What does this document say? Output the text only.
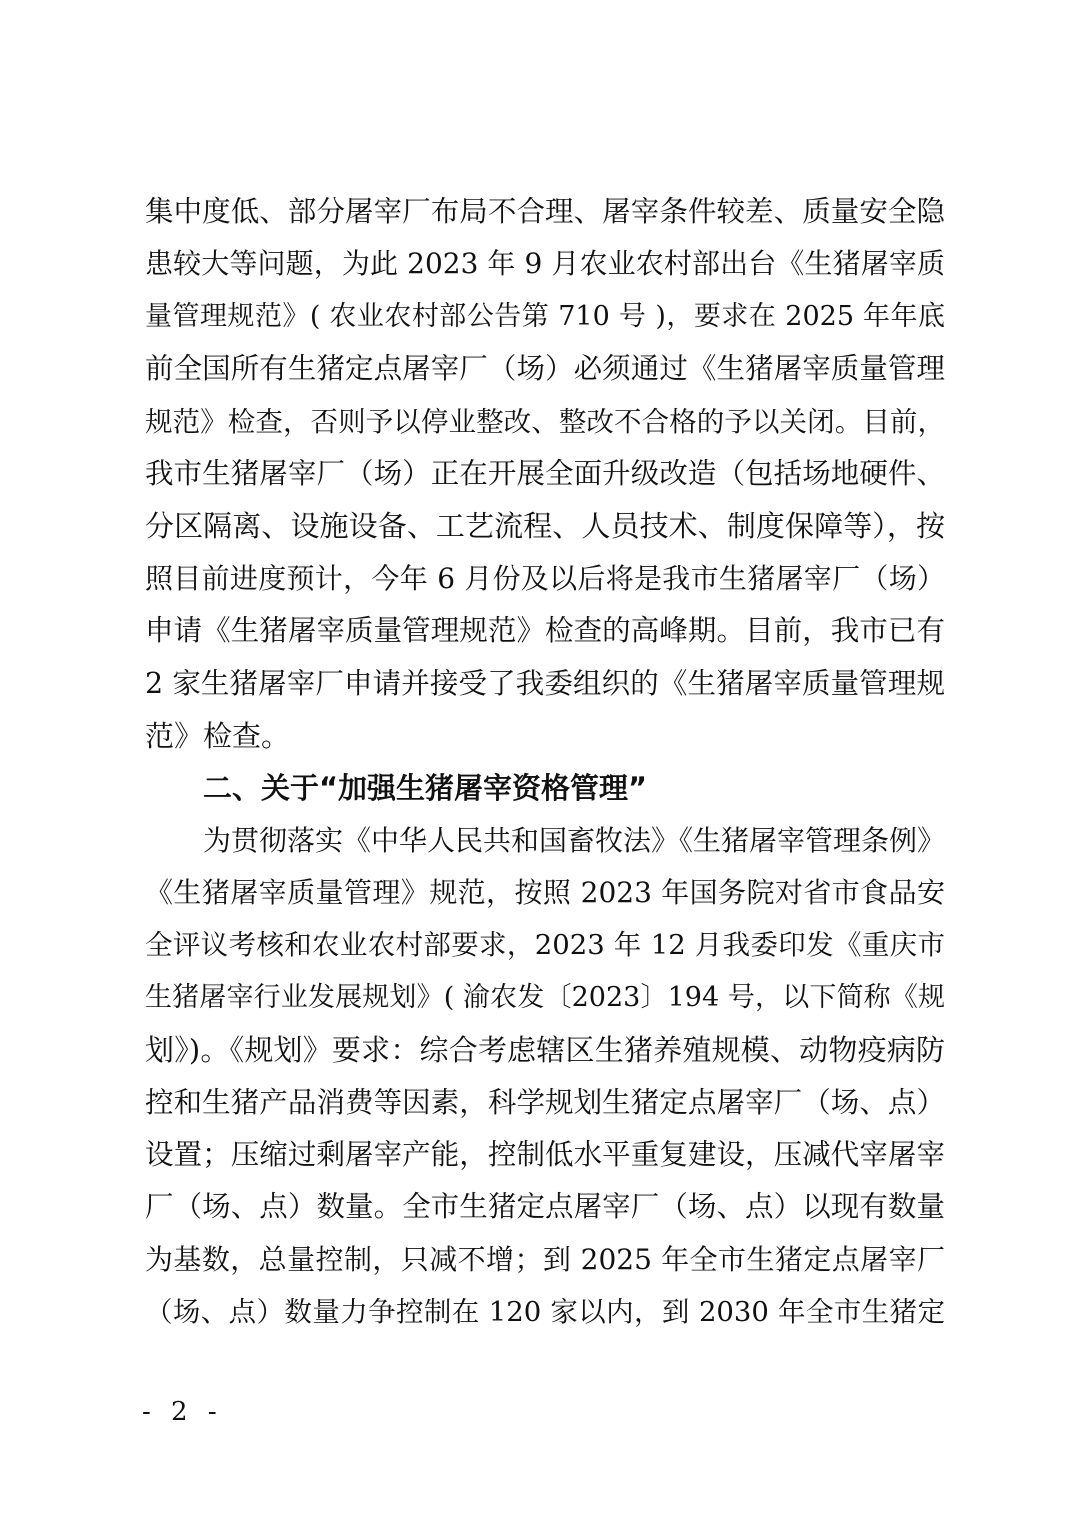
集中度低、部分屠宰厂布局不合理、屠宰条件较差、质量安全隐
患较大等问题，为此 2023 年 9 月农业农村部出台《生猪屠宰质
量管理规范》( 农业农村部公告第 710 号 )，要求在 2025 年年底
前全国所有生猪定点屠宰厂（场）必须通过《生猪屠宰质量管理
规范》检查，否则予以停业整改、整改不合格的予以关闭。目前，
我市生猪屠宰厂（场）正在开展全面升级改造（包括场地硬件、
分区隔离、设施设备、工艺流程、人员技术、制度保障等），按
照目前进度预计，今年 6 月份及以后将是我市生猪屠宰厂（场）
申请《生猪屠宰质量管理规范》检查的高峰期。目前，我市已有
2 家生猪屠宰厂申请并接受了我委组织的《生猪屠宰质量管理规
范》检查。
二、关于“加强生猪屠宰资格管理”
为贯彻落实《中华人民共和国畜牧法》《生猪屠宰管理条例》
《生猪屠宰质量管理》规范，按照 2023 年国务院对省市食品安
全评议考核和农业农村部要求，2023 年 12 月我委印发《重庆市
生猪屠宰行业发展规划》( 渝农发〔2023〕194 号，以下简称《规
划》)。《规划》要求：综合考虑辖区生猪养殖规模、动物疫病防
控和生猪产品消费等因素，科学规划生猪定点屠宰厂（场、点）
设置；压缩过剩屠宰产能，控制低水平重复建设，压减代宰屠宰
厂（场、点）数量。全市生猪定点屠宰厂（场、点）以现有数量
为基数，总量控制，只减不增；到 2025 年全市生猪定点屠宰厂
（场、点）数量力争控制在 120 家以内，到 2030 年全市生猪定
- 2 -
